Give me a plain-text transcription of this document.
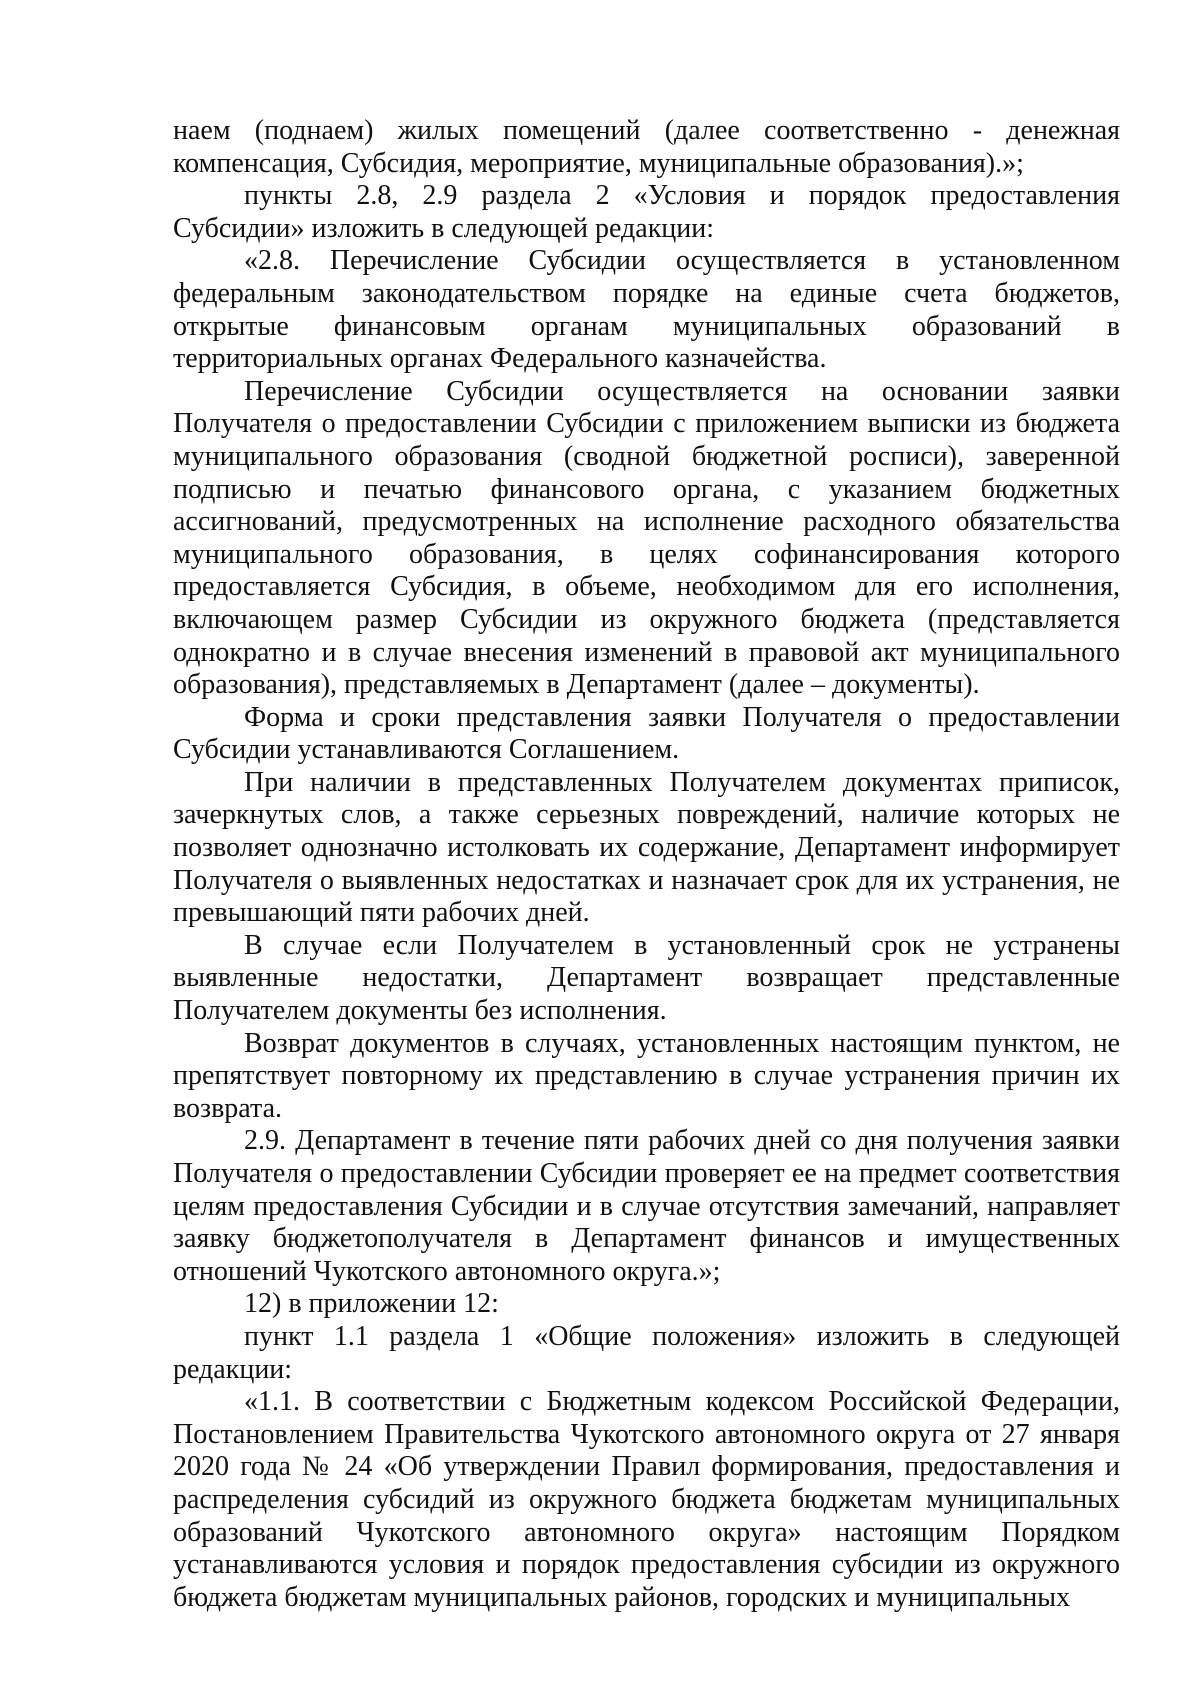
наем (поднаем) жилых помещений (далее соответственно - денежная компенсация, Субсидия, мероприятие, муниципальные образования).»;

пункты 2.8, 2.9 раздела 2 «Условия и порядок предоставления Субсидии» изложить в следующей редакции:

«2.8. Перечисление Субсидии осуществляется в установленном федеральным законодательством порядке на единые счета бюджетов, открытые финансовым органам муниципальных образований в территориальных органах Федерального казначейства.

Перечисление Субсидии осуществляется на основании заявки Получателя о предоставлении Субсидии с приложением выписки из бюджета муниципального образования (сводной бюджетной росписи), заверенной подписью и печатью финансового органа, с указанием бюджетных ассигнований, предусмотренных на исполнение расходного обязательства муниципального образования, в целях софинансирования которого предоставляется Субсидия, в объеме, необходимом для его исполнения, включающем размер Субсидии из окружного бюджета (представляется однократно и в случае внесения изменений в правовой акт муниципального образования), представляемых в Департамент (далее – документы).

Форма и сроки представления заявки Получателя о предоставлении Субсидии устанавливаются Соглашением.

При наличии в представленных Получателем документах приписок, зачеркнутых слов, а также серьезных повреждений, наличие которых не позволяет однозначно истолковать их содержание, Департамент информирует Получателя о выявленных недостатках и назначает срок для их устранения, не превышающий пяти рабочих дней.

В случае если Получателем в установленный срок не устранены выявленные недостатки, Департамент возвращает представленные Получателем документы без исполнения.

Возврат документов в случаях, установленных настоящим пунктом, не препятствует повторному их представлению в случае устранения причин их возврата.

2.9. Департамент в течение пяти рабочих дней со дня получения заявки Получателя о предоставлении Субсидии проверяет ее на предмет соответствия целям предоставления Субсидии и в случае отсутствия замечаний, направляет заявку бюджетополучателя в Департамент финансов и имущественных отношений Чукотского автономного округа.»;

12) в приложении 12:

пункт 1.1 раздела 1 «Общие положения» изложить в следующей редакции:

«1.1. В соответствии с Бюджетным кодексом Российской Федерации, Постановлением Правительства Чукотского автономного округа от 27 января 2020 года № 24 «Об утверждении Правил формирования, предоставления и распределения субсидий из окружного бюджета бюджетам муниципальных образований Чукотского автономного округа» настоящим Порядком устанавливаются условия и порядок предоставления субсидии из окружного бюджета бюджетам муниципальных районов, городских и муниципальных
